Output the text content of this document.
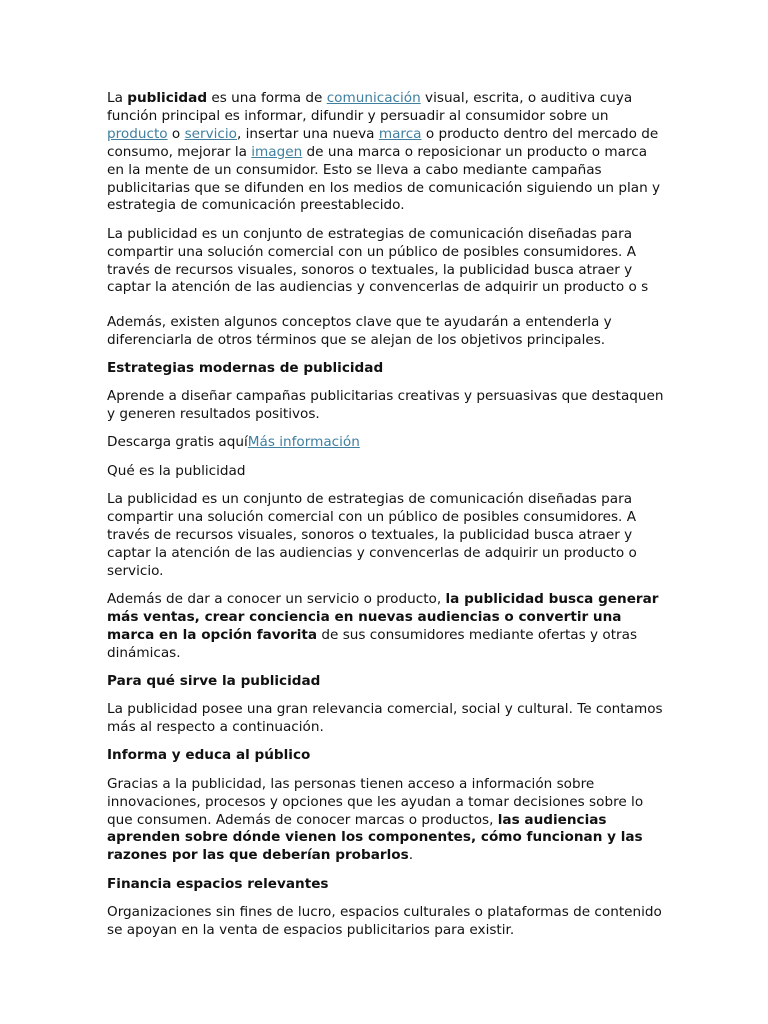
La publicidad es una forma de comunicación visual, escrita, o auditiva cuya función principal es informar, difundir y persuadir al consumidor sobre un producto o servicio, insertar una nueva marca o producto dentro del mercado de consumo, mejorar la imagen de una marca o reposicionar un producto o marca en la mente de un consumidor. Esto se lleva a cabo mediante campañas publicitarias que se difunden en los medios de comunicación siguiendo un plan y estrategia de comunicación preestablecido.

La publicidad es un conjunto de estrategias de comunicación diseñadas para compartir una solución comercial con un público de posibles consumidores. A través de recursos visuales, sonoros o textuales, la publicidad busca atraer y
captar la atención de las audiencias y convencerlas de adquirir un producto o s

Además, existen algunos conceptos clave que te ayudarán a entenderla y diferenciarla de otros términos que se alejan de los objetivos principales.

Estrategias modernas de publicidad

Aprende a diseñar campañas publicitarias creativas y persuasivas que destaquen y generen resultados positivos.

Descarga gratis aquíMás información

Qué es la publicidad

La publicidad es un conjunto de estrategias de comunicación diseñadas para compartir una solución comercial con un público de posibles consumidores. A través de recursos visuales, sonoros o textuales, la publicidad busca atraer y captar la atención de las audiencias y convencerlas de adquirir un producto o servicio.

Además de dar a conocer un servicio o producto, la publicidad busca generar más ventas, crear conciencia en nuevas audiencias o convertir una marca en la opción favorita de sus consumidores mediante ofertas y otras dinámicas.

Para qué sirve la publicidad

La publicidad posee una gran relevancia comercial, social y cultural. Te contamos más al respecto a continuación.

Informa y educa al público

Gracias a la publicidad, las personas tienen acceso a información sobre innovaciones, procesos y opciones que les ayudan a tomar decisiones sobre lo que consumen. Además de conocer marcas o productos, las audiencias aprenden sobre dónde vienen los componentes, cómo funcionan y las razones por las que deberían probarlos.

Financia espacios relevantes

Organizaciones sin fines de lucro, espacios culturales o plataformas de contenido se apoyan en la venta de espacios publicitarios para existir.
